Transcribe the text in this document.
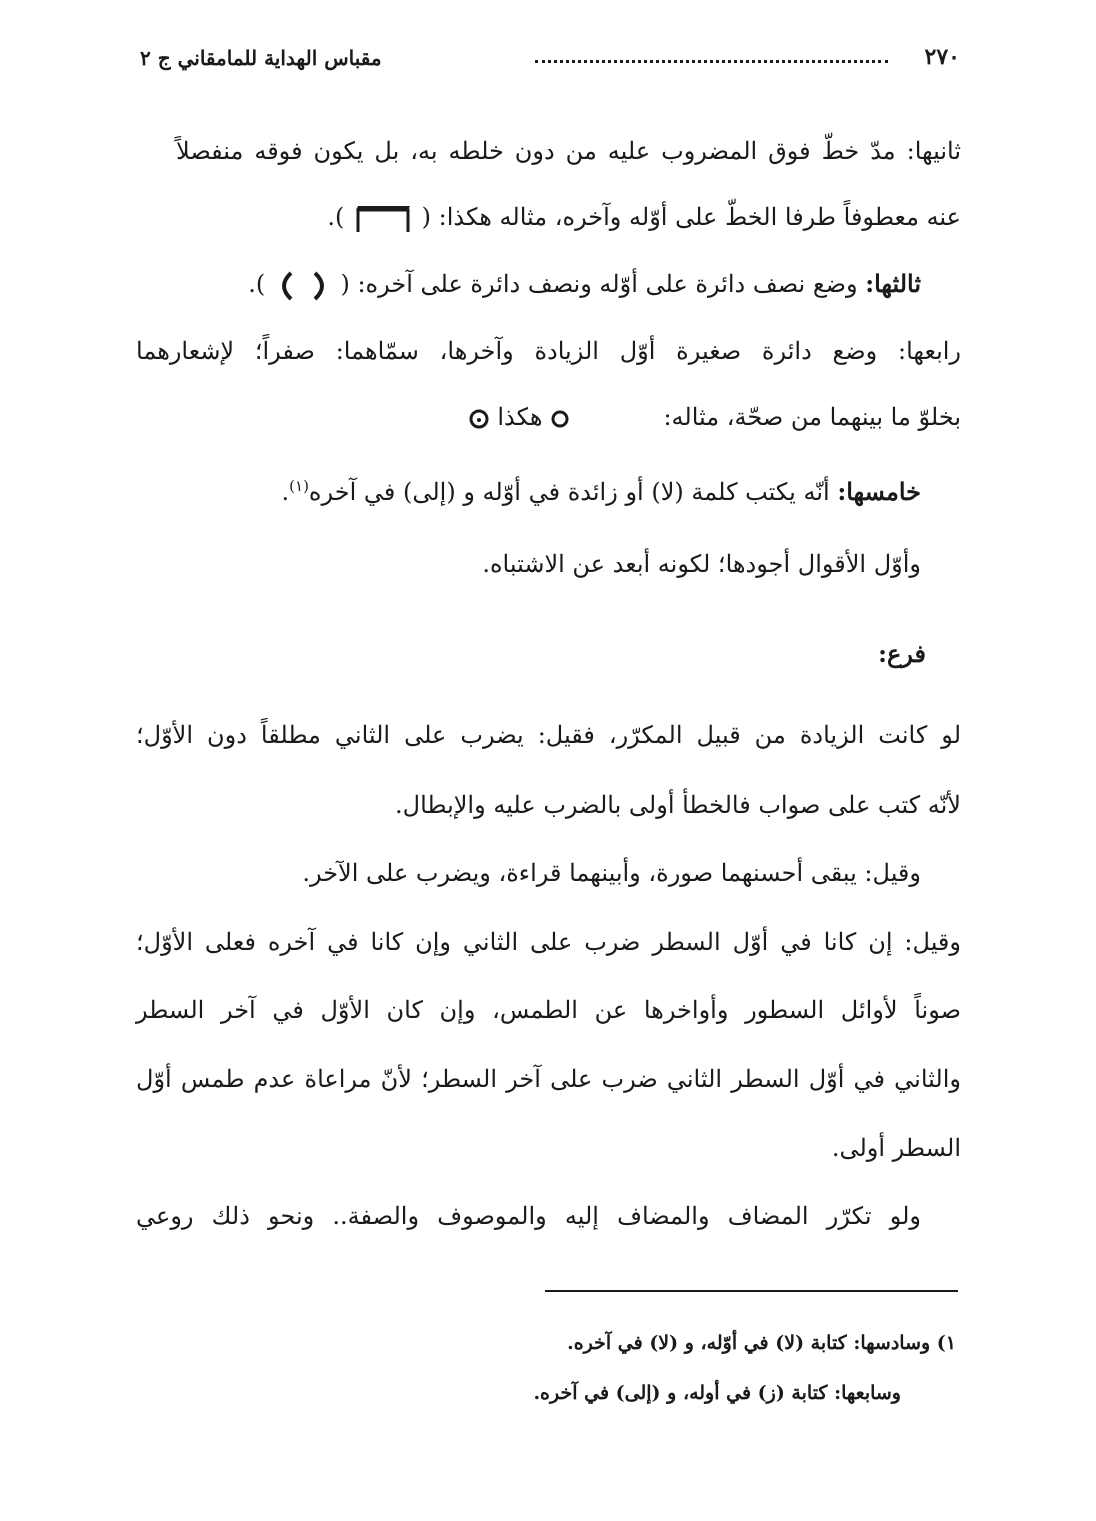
٢٧٠
مقباس الهداية للمامقاني ج ٢
ثانيها: مدّ خطّ فوق المضروب عليه من دون خلطه به، بل يكون فوقه منفصلاً
عنه معطوفاً طرفا الخطّ على أوّله وآخره، مثاله هكذا: (  ).
ثالثها: وضع نصف دائرة على أوّله ونصف دائرة على آخره: (  ).
رابعها: وضع دائرة صغيرة أوّل الزيادة وآخرها، سمّاهما: صفراً؛ لإشعارهما
بخلوّ ما بينهما من صحّة، مثاله:   هكذا
خامسها: أنّه يكتب كلمة (لا) أو زائدة في أوّله و (إلى) في آخره$^{(١)}$.
وأوّل الأقوال أجودها؛ لكونه أبعد عن الاشتباه.
فرع:
لو كانت الزيادة من قبيل المكرّر، فقيل: يضرب على الثاني مطلقاً دون الأوّل؛
لأنّه كتب على صواب فالخطأ أولى بالضرب عليه والإبطال.
وقيل: يبقى أحسنهما صورة، وأبينهما قراءة، ويضرب على الآخر.
وقيل: إن كانا في أوّل السطر ضرب على الثاني وإن كانا في آخره فعلى الأوّل؛
صوناً لأوائل السطور وأواخرها عن الطمس، وإن كان الأوّل في آخر السطر
والثاني في أوّل السطر الثاني ضرب على آخر السطر؛ لأنّ مراعاة عدم طمس أوّل
السطر أولى.
ولو تكرّر المضاف والمضاف إليه والموصوف والصفة.. ونحو ذلك روعي
١) وسادسها: كتابة (لا) في أوّله، و (لا) في آخره.
وسابعها: كتابة (ز) في أوله، و (إلى) في آخره.
